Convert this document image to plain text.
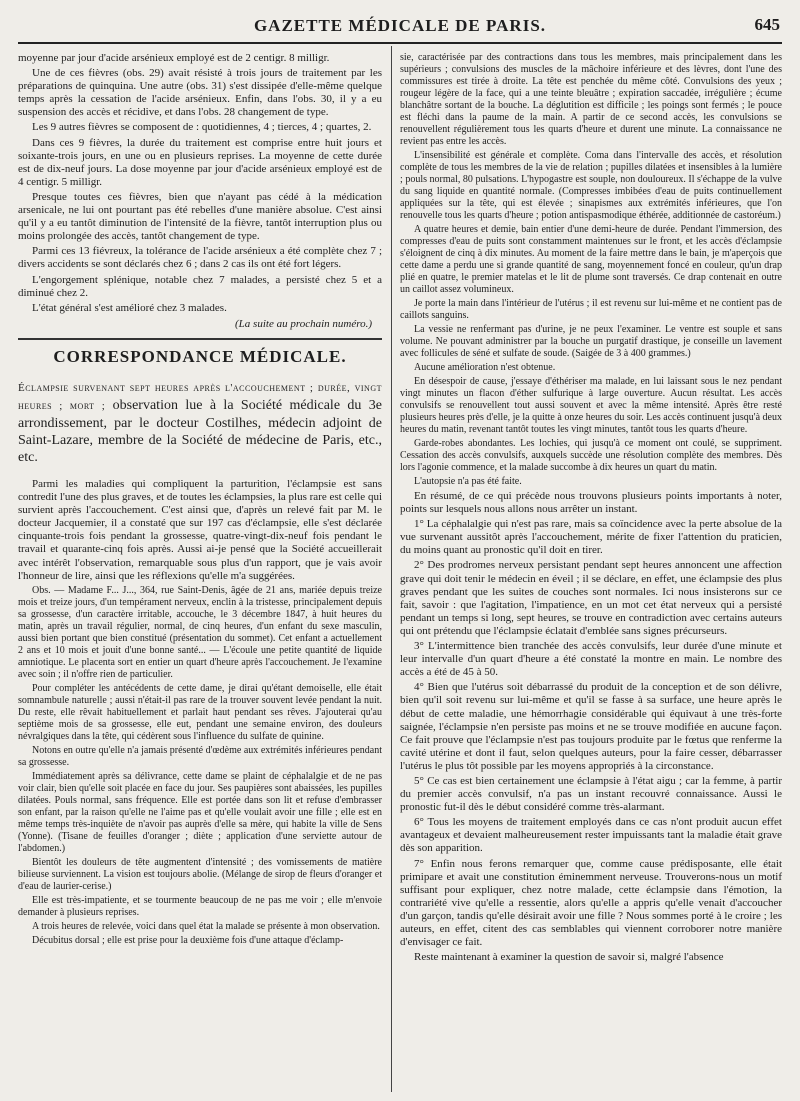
GAZETTE MÉDICALE DE PARIS.	645

moyenne par jour d'acide arsénieux employé est de 2 centigr. 8 milligr.

Une de ces fièvres (obs. 29) avait résisté à trois jours de traitement par les préparations de quinquina. Une autre (obs. 31) s'est dissipée d'elle-même quelque temps après la cessation de l'acide arsénieux. Enfin, dans l'obs. 30, il y a eu suspension des accès et récidive, et dans l'obs. 28 changement de type.

Les 9 autres fièvres se composent de : quotidiennes, 4 ; tierces, 4 ; quartes, 2.

Dans ces 9 fièvres, la durée du traitement est comprise entre huit jours et soixante-trois jours, en une ou en plusieurs reprises. La moyenne de cette durée est de dix-neuf jours. La dose moyenne par jour d'acide arsénieux employé est de 4 centigr. 5 milligr.

Presque toutes ces fièvres, bien que n'ayant pas cédé à la médication arsenicale, ne lui ont pourtant pas été rebelles d'une manière absolue. C'est ainsi qu'il y a eu tantôt diminution de l'intensité de la fièvre, tantôt interruption plus ou moins prolongée des accès, tantôt changement de type.

Parmi ces 13 fiévreux, la tolérance de l'acide arsénieux a été complète chez 7 ; divers accidents se sont déclarés chez 6 ; dans 2 cas ils ont été fort légers.

L'engorgement splénique, notable chez 7 malades, a persisté chez 5 et a diminué chez 2.

L'état général s'est amélioré chez 3 malades.

(La suite au prochain numéro.)
CORRESPONDANCE MÉDICALE.
Éclampsie survenant sept heures après l'accouchement ; durée, vingt heures ; mort ; observation lue à la Société médicale du 3e arrondissement, par le docteur Costilhes, médecin adjoint de Saint-Lazare, membre de la Société de médecine de Paris, etc., etc.

Parmi les maladies qui compliquent la parturition, l'éclampsie est sans contredit l'une des plus graves, et de toutes les éclampsies, la plus rare est celle qui survient après l'accouchement. C'est ainsi que, d'après un relevé fait par M. le docteur Jacquemier, il a constaté que sur 197 cas d'éclampsie, elle s'est déclarée cinquante-trois fois pendant la grossesse, quatre-vingt-dix-neuf fois pendant le travail et quarante-cinq fois après. Aussi ai-je pensé que la Société accueillerait avec intérêt l'observation, remarquable sous plus d'un rapport, que je vais avoir l'honneur de lire, ainsi que les réflexions qu'elle m'a suggérées.

Obs. — Madame F... J..., 364, rue Saint-Denis, âgée de 21 ans, mariée depuis treize mois et treize jours, d'un tempérament nerveux, enclin à la tristesse, principalement depuis sa grossesse, d'un caractère irritable, accouche, le 3 décembre 1847, à huit heures du matin, après un travail régulier, normal, de cinq heures, d'un enfant du sexe masculin, aussi bien portant que bien constitué (présentation du sommet). Cet enfant a actuellement 2 ans et 10 mois et jouit d'une bonne santé... — L'écoule une petite quantité de liquide amniotique. Le placenta sort en entier un quart d'heure après l'accouchement. Je l'examine avec soin ; il n'offre rien de particulier.

Pour compléter les antécédents de cette dame, je dirai qu'étant demoiselle, elle était somnambule naturelle ; aussi n'était-il pas rare de la trouver souvent levée pendant la nuit. Du reste, elle rêvait habituellement et parlait haut pendant ses rêves. J'ajouterai qu'au septième mois de sa grossesse, elle eut, pendant une semaine environ, des douleurs névralgiques dans la tête, qui cédèrent sous l'influence du sulfate de quinine.

Notons en outre qu'elle n'a jamais présenté d'œdème aux extrémités inférieures pendant sa grossesse.

Immédiatement après sa délivrance, cette dame se plaint de céphalalgie et de ne pas voir clair, bien qu'elle soit placée en face du jour. Ses paupières sont abaissées, les pupilles dilatées. Pouls normal, sans fréquence. Elle est portée dans son lit et refuse d'embrasser son enfant, par la raison qu'elle ne l'aime pas et qu'elle voulait avoir une fille ; elle est en même temps très-inquiète de n'avoir pas auprès d'elle sa mère, qui habite la ville de Sens (Yonne). (Tisane de feuilles d'oranger ; diète ; application d'une serviette autour de l'abdomen.)

Bientôt les douleurs de tête augmentent d'intensité ; des vomissements de matière bilieuse surviennent. La vision est toujours abolie. (Mélange de sirop de fleurs d'oranger et d'eau de laurier-cerise.)

Elle est très-impatiente, et se tourmente beaucoup de ne pas me voir ; elle m'envoie demander à plusieurs reprises.

A trois heures de relevée, voici dans quel état la malade se présente à mon observation.

Décubitus dorsal ; elle est prise pour la deuxième fois d'une attaque d'éclamp-

sie, caractérisée par des contractions dans tous les membres, mais principalement dans les supérieurs ; convulsions des muscles de la mâchoire inférieure et des lèvres, dont l'une des commissures est tirée à droite. La tête est penchée du même côté. Convulsions des yeux ; rougeur légère de la face, qui a une teinte bleuâtre ; expiration saccadée, irrégulière ; écume blanchâtre sortant de la bouche. La déglutition est difficile ; les poings sont fermés ; le pouce est fléchi dans la paume de la main. A partir de ce second accès, les convulsions se renouvellent régulièrement tous les quarts d'heure et durent une minute. La connaissance ne revient pas entre les accès.

L'insensibilité est générale et complète. Coma dans l'intervalle des accès, et résolution complète de tous les membres de la vie de relation ; pupilles dilatées et insensibles à la lumière ; pouls normal, 80 pulsations. L'hypogastre est souple, non douloureux. Il s'échappe de la vulve du sang liquide en quantité normale. (Compresses imbibées d'eau de puits continuellement appliquées sur la tête, qui est élevée ; sinapismes aux extrémités inférieures, que l'on renouvelle tous les quarts d'heure ; potion antispasmodique éthérée, additionnée de castoréum.)

A quatre heures et demie, bain entier d'une demi-heure de durée. Pendant l'immersion, des compresses d'eau de puits sont constamment maintenues sur le front, et les accès d'éclampsie s'éloignent de cinq à dix minutes. Au moment de la faire mettre dans le bain, je m'aperçois que cette dame a perdu une si grande quantité de sang, moyennement foncé en couleur, qu'un drap plié en quatre, le premier matelas et le lit de plume sont traversés. Ce drap contenait en outre un caillot assez volumineux.

Je porte la main dans l'intérieur de l'utérus ; il est revenu sur lui-même et ne contient pas de caillots sanguins.

La vessie ne renfermant pas d'urine, je ne peux l'examiner. Le ventre est souple et sans volume. Ne pouvant administrer par la bouche un purgatif drastique, je conseille un lavement avec follicules de séné et sulfate de soude. (Saigée de 3 à 400 grammes.)

Aucune amélioration n'est obtenue.

En désespoir de cause, j'essaye d'éthériser ma malade, en lui laissant sous le nez pendant vingt minutes un flacon d'éther sulfurique à large ouverture. Aucun résultat. Les accès convulsifs se renouvellent tout aussi souvent et avec la même intensité. Après être resté plusieurs heures près d'elle, je la quitte à onze heures du soir. Les accès continuent jusqu'à deux heures du matin, revenant tantôt toutes les vingt minutes, tantôt tous les quarts d'heure.

Garde-robes abondantes. Les lochies, qui jusqu'à ce moment ont coulé, se suppriment. Cessation des accès convulsifs, auxquels succède une résolution complète des membres. Dès lors l'agonie commence, et la malade succombe à dix heures un quart du matin.

L'autopsie n'a pas été faite.

En résumé, de ce qui précède nous trouvons plusieurs points importants à noter, points sur lesquels nous allons nous arrêter un instant.

1° La céphalalgie qui n'est pas rare, mais sa coïncidence avec la perte absolue de la vue survenant aussitôt après l'accouchement, mérite de fixer l'attention du praticien, du moins quant au pronostic qu'il doit en tirer.

2° Des prodromes nerveux persistant pendant sept heures annoncent une affection grave qui doit tenir le médecin en éveil ; il se déclare, en effet, une éclampsie des plus graves pendant que les suites de couches sont normales. Ici nous insisterons sur ce fait, savoir : que l'agitation, l'impatience, en un mot cet état nerveux qui a persisté pendant un temps si long, sept heures, se trouve en contradiction avec certains auteurs qui ont prétendu que l'éclampsie éclatait d'emblée sans signes précurseurs.

3° L'intermittence bien tranchée des accès convulsifs, leur durée d'une minute et leur intervalle d'un quart d'heure a été constaté la montre en main. Le nombre des accès a été de 45 à 50.

4° Bien que l'utérus soit débarrassé du produit de la conception et de son délivre, bien qu'il soit revenu sur lui-même et qu'il se fasse à sa surface, une heure après le début de cette maladie, une hémorrhagie considérable qui équivaut à une très-forte saignée, l'éclampsie n'en persiste pas moins et ne se trouve modifiée en aucune façon. Ce fait prouve que l'éclampsie n'est pas toujours produite par le fœtus que renferme la cavité utérine et dont il faut, selon quelques auteurs, pour la faire cesser, débarrasser l'utérus le plus tôt possible par les moyens appropriés à la circonstance.

5° Ce cas est bien certainement une éclampsie à l'état aigu ; car la femme, à partir du premier accès convulsif, n'a pas un instant recouvré connaissance. Aussi le pronostic fut-il dès le début considéré comme très-alarmant.

6° Tous les moyens de traitement employés dans ce cas n'ont produit aucun effet avantageux et devaient malheureusement rester impuissants tant la maladie était grave dès son apparition.

7° Enfin nous ferons remarquer que, comme cause prédisposante, elle était primipare et avait une constitution éminemment nerveuse. Trouverons-nous un motif suffisant pour expliquer, chez notre malade, cette éclampsie dans l'émotion, la contrariété vive qu'elle a ressentie, alors qu'elle a appris qu'elle venait d'accoucher d'un garçon, tandis qu'elle désirait avoir une fille ? Nous sommes porté à le croire ; les auteurs, en effet, citent des cas semblables qui viennent corroborer notre manière d'envisager ce fait.

Reste maintenant à examiner la question de savoir si, malgré l'absence
